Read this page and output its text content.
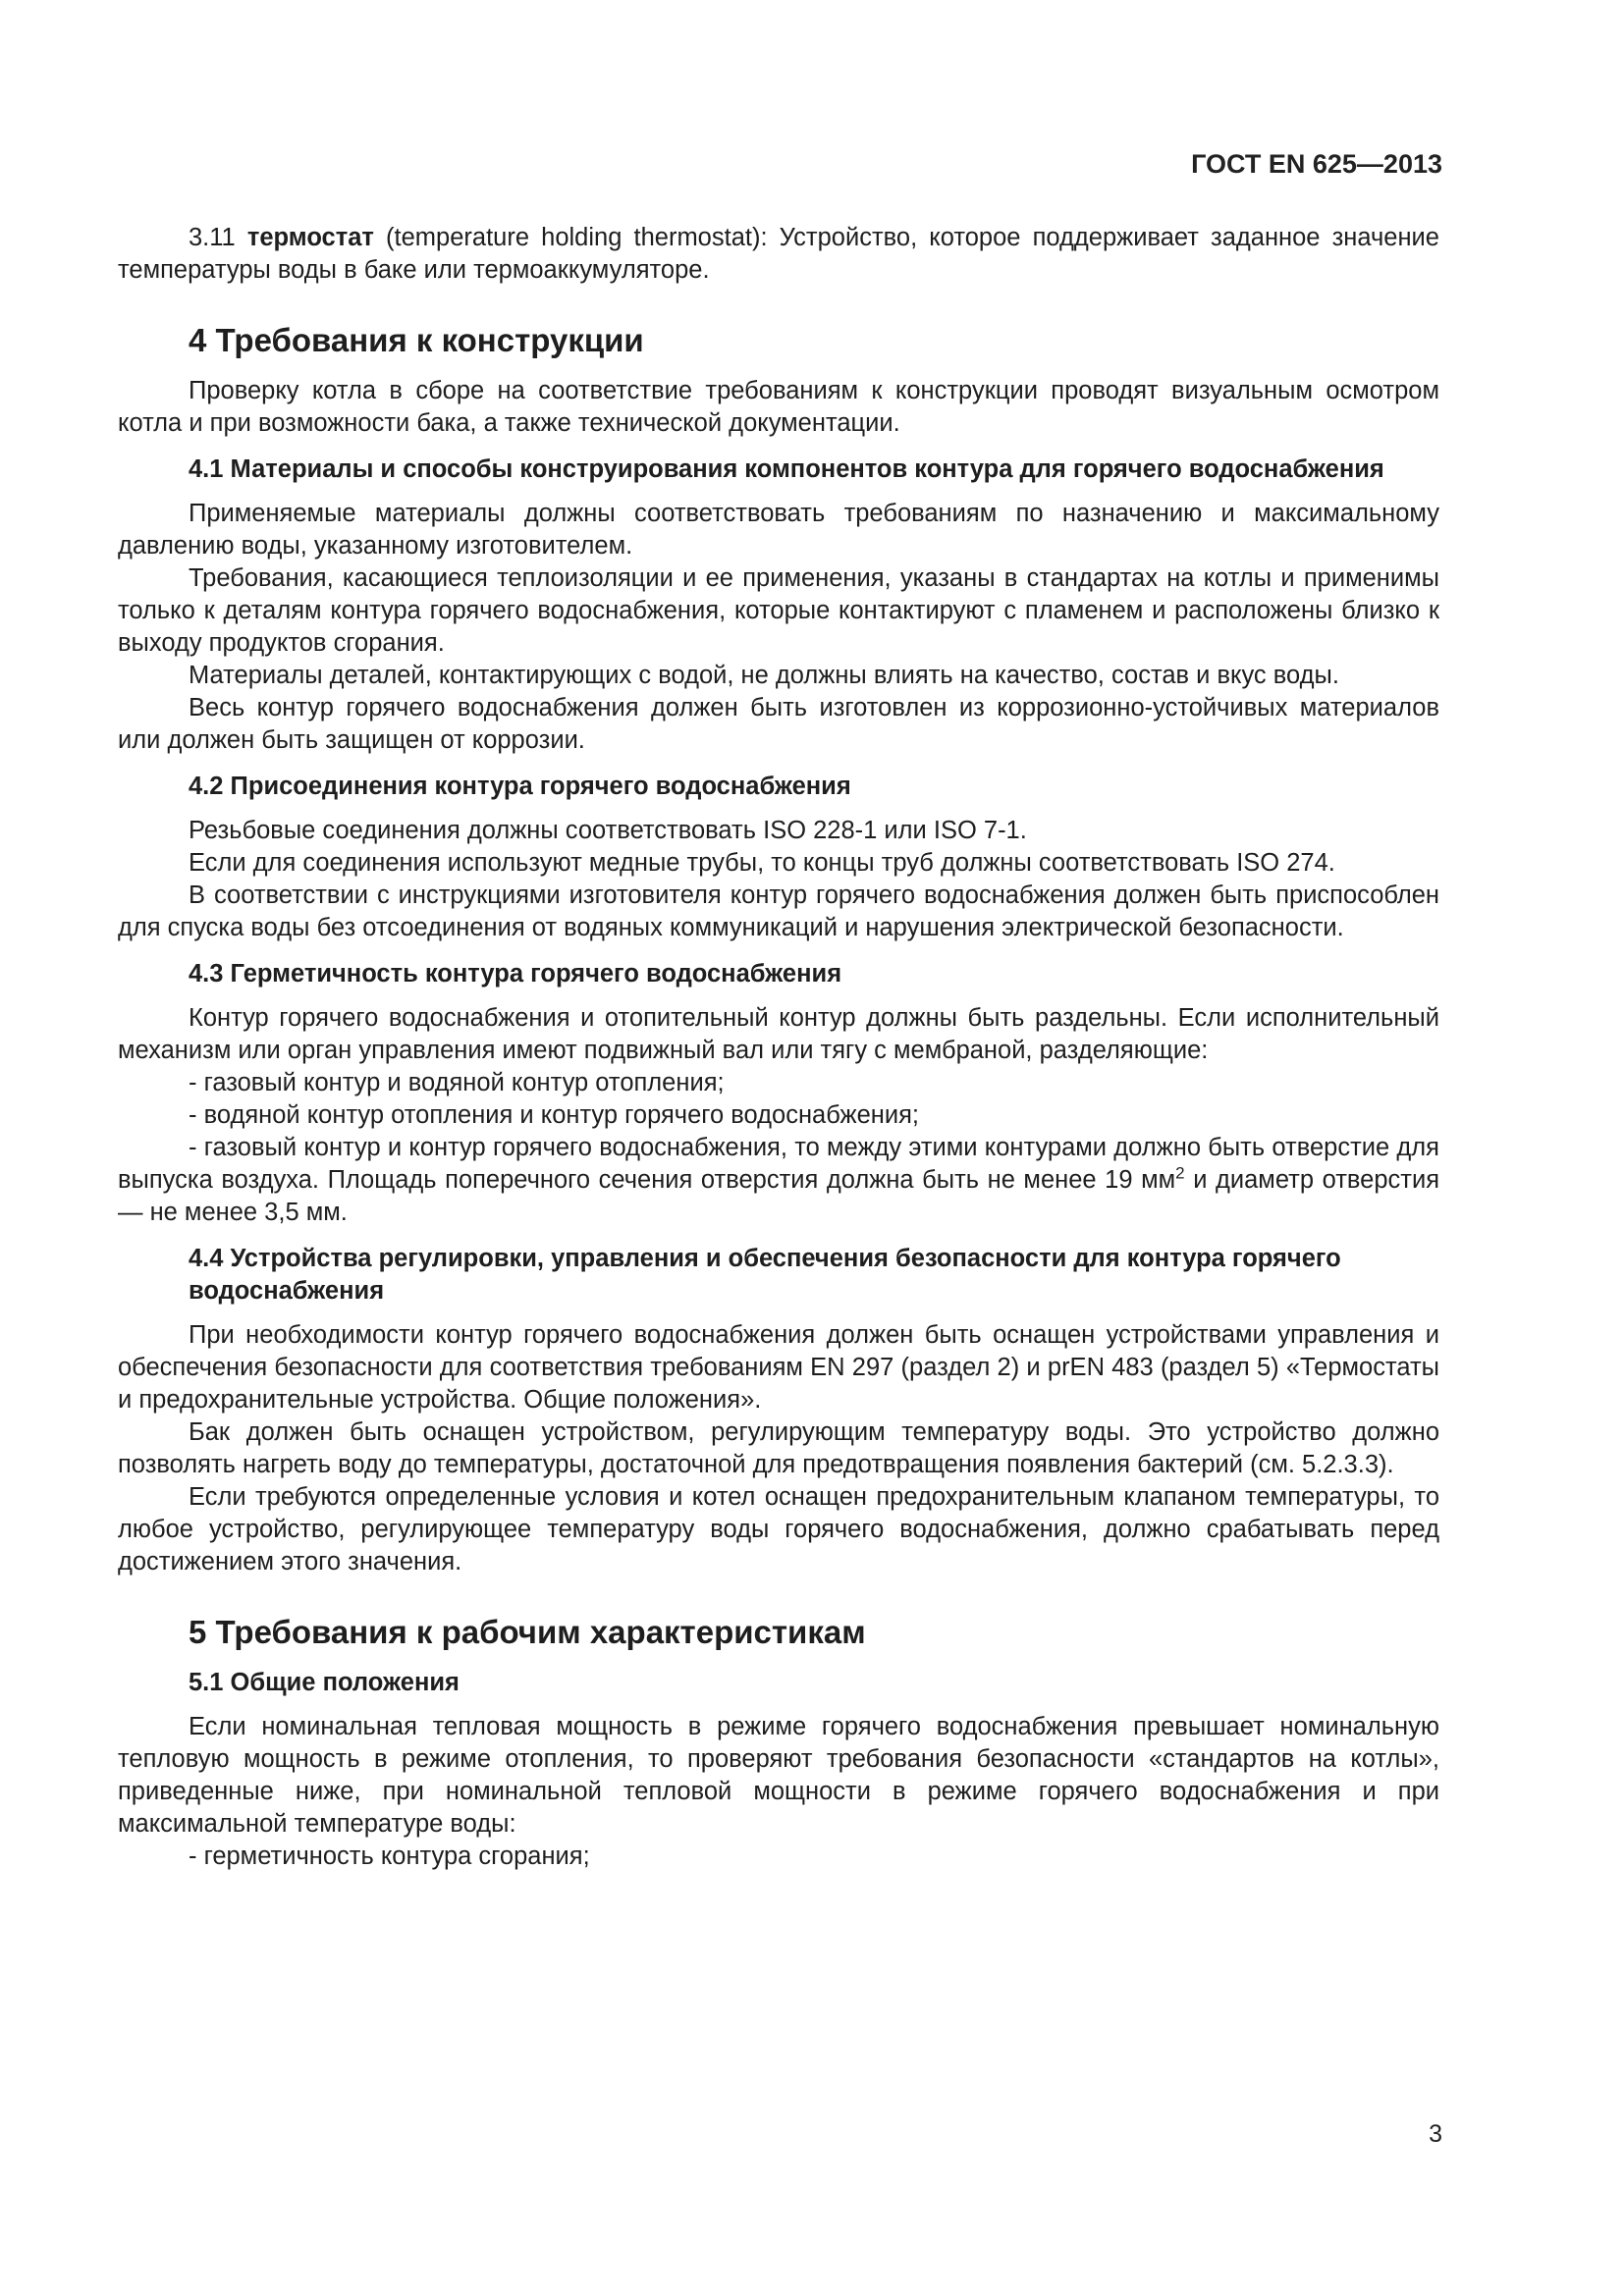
ГОСТ EN 625—2013

3.11 термостат (temperature holding thermostat): Устройство, которое поддерживает заданное значение температуры воды в баке или термоаккумуляторе.

4 Требования к конструкции

Проверку котла в сборе на соответствие требованиям к конструкции проводят визуальным осмотром котла и при возможности бака, а также технической документации.

4.1 Материалы и способы конструирования компонентов контура для горячего водоснабжения

Применяемые материалы должны соответствовать требованиям по назначению и максимальному давлению воды, указанному изготовителем.

Требования, касающиеся теплоизоляции и ее применения, указаны в стандартах на котлы и применимы только к деталям контура горячего водоснабжения, которые контактируют с пламенем и расположены близко к выходу продуктов сгорания.

Материалы деталей, контактирующих с водой, не должны влиять на качество, состав и вкус воды.

Весь контур горячего водоснабжения должен быть изготовлен из коррозионно-устойчивых материалов или должен быть защищен от коррозии.

4.2 Присоединения контура горячего водоснабжения

Резьбовые соединения должны соответствовать ISO 228-1 или ISO 7-1.

Если для соединения используют медные трубы, то концы труб должны соответствовать ISO 274.

В соответствии с инструкциями изготовителя контур горячего водоснабжения должен быть приспособлен для спуска воды без отсоединения от водяных коммуникаций и нарушения электрической безопасности.

4.3 Герметичность контура горячего водоснабжения

Контур горячего водоснабжения и отопительный контур должны быть раздельны. Если исполнительный механизм или орган управления имеют подвижный вал или тягу с мембраной, разделяющие:

- газовый контур и водяной контур отопления;

- водяной контур отопления и контур горячего водоснабжения;

- газовый контур и контур горячего водоснабжения, то между этими контурами должно быть отверстие для выпуска воздуха. Площадь поперечного сечения отверстия должна быть не менее 19 $мм^2$ и диаметр отверстия — не менее 3,5 мм.

4.4 Устройства регулировки, управления и обеспечения безопасности для контура горячего водоснабжения

При необходимости контур горячего водоснабжения должен быть оснащен устройствами управления и обеспечения безопасности для соответствия требованиям EN 297 (раздел 2) и prEN 483 (раздел 5) «Термостаты и предохранительные устройства. Общие положения».

Бак должен быть оснащен устройством, регулирующим температуру воды. Это устройство должно позволять нагреть воду до температуры, достаточной для предотвращения появления бактерий (см. 5.2.3.3).

Если требуются определенные условия и котел оснащен предохранительным клапаном температуры, то любое устройство, регулирующее температуру воды горячего водоснабжения, должно срабатывать перед достижением этого значения.

5 Требования к рабочим характеристикам
5.1 Общие положения

Если номинальная тепловая мощность в режиме горячего водоснабжения превышает номинальную тепловую мощность в режиме отопления, то проверяют требования безопасности «стандартов на котлы», приведенные ниже, при номинальной тепловой мощности в режиме горячего водоснабжения и при максимальной температуре воды:

- герметичность контура сгорания;

3
